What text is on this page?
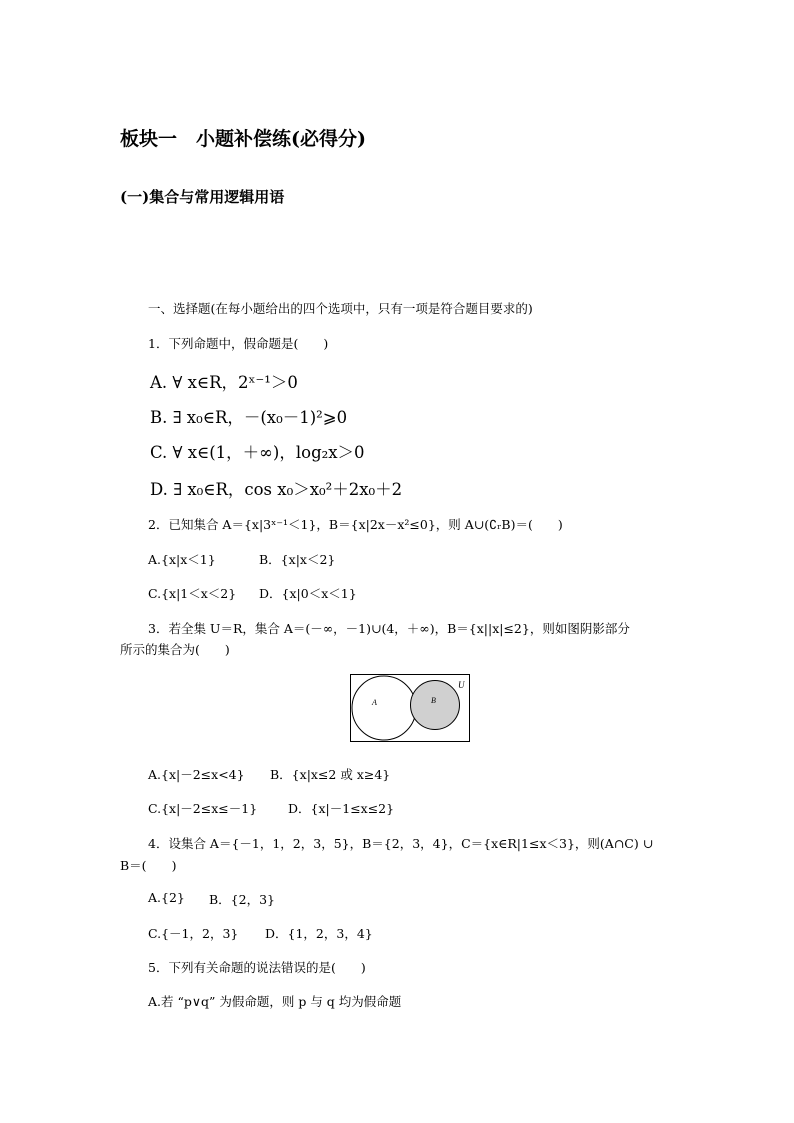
板块一　小题补偿练(必得分)
(一)集合与常用逻辑用语
一、选择题(在每小题给出的四个选项中，只有一项是符合题目要求的)
1．下列命题中，假命题是(　　)
A. ∀ x∈R，2ˣ⁻¹＞0
B. ∃ x₀∈R，－(x₀－1)²⩾0
C. ∀ x∈(1，＋∞)，log₂x＞0
D. ∃ x₀∈R，cos x₀＞x₀²＋2x₀＋2
2．已知集合 A＝{x|3ˣ⁻¹＜1}，B＝{x|2x－x²≤0}，则 A∪(∁ᵣB)＝(　　)
A.{x|x＜1}	B．{x|x＜2}
C.{x|1＜x＜2} D．{x|0＜x＜1}
3．若全集 U＝R，集合 A＝(－∞，－1)∪(4，＋∞)，B＝{x||x|≤2}，则如图阴影部分
所示的集合为(　　)
U
A	B
A.{x|－2≤x<4} B．{x|x≤2 或 x≥4}
C.{x|－2≤x≤－1} D．{x|－1≤x≤2}
4．设集合 A＝{－1，1，2，3，5}，B＝{2，3，4}，C＝{x∈R|1≤x＜3}，则(A∩C) ∪
B＝(　　)
A.{2} B．{2，3}
C.{－1，2，3} D．{1，2，3，4}
5．下列有关命题的说法错误的是(　　)
A.若 “p∨q” 为假命题，则 p 与 q 均为假命题
